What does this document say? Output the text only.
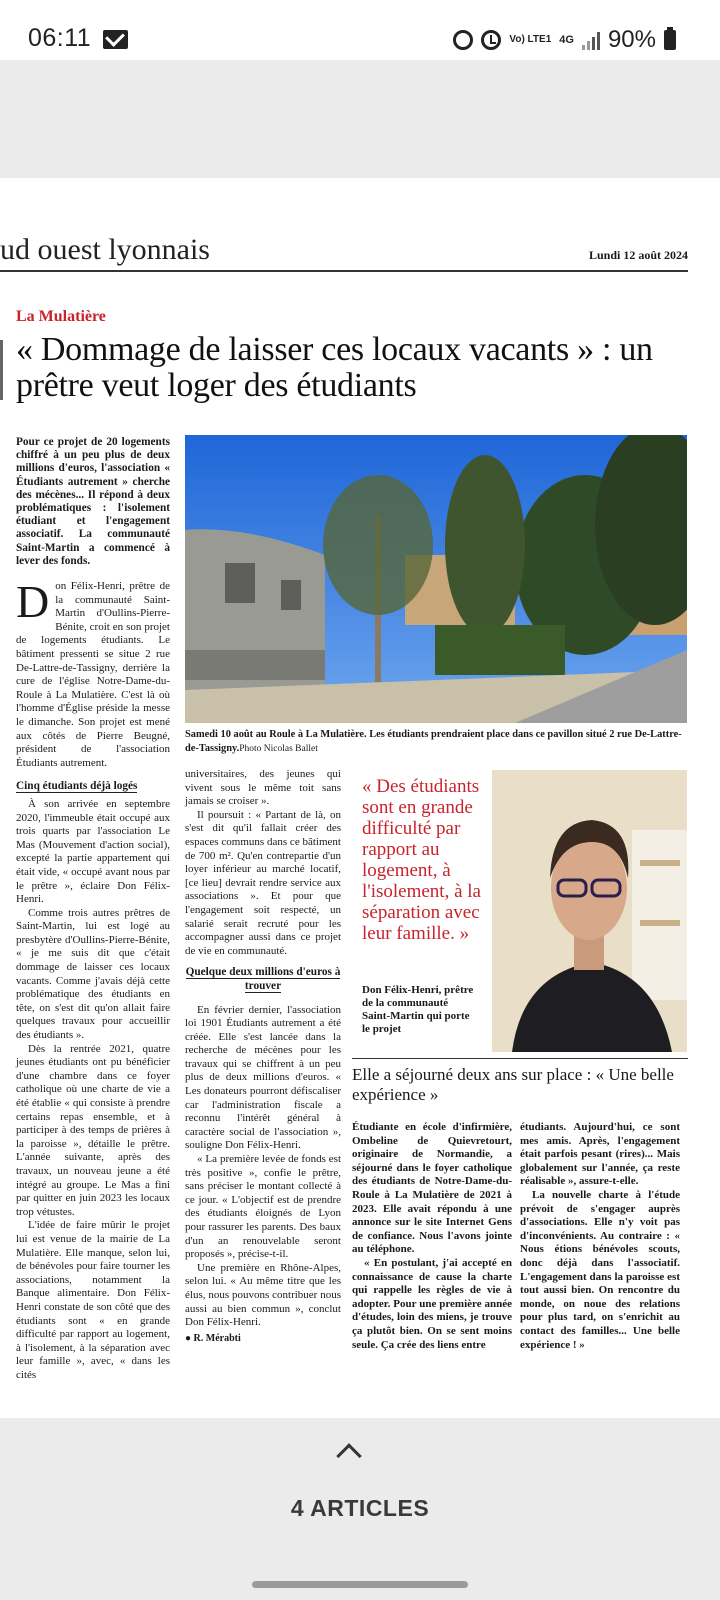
06:11	Vo) LTE1 4G 90%
ud ouest lyonnais	Lundi 12 août 2024
La Mulatière
« Dommage de laisser ces locaux vacants » : un prêtre veut loger des étudiants

Pour ce projet de 20 logements chiffré à un peu plus de deux millions d'euros, l'association « Étudiants autrement » cherche des mécènes... Il répond à deux problématiques : l'isolement étudiant et l'engagement associatif. La communauté Saint-Martin a commencé à lever des fonds.

Don Félix-Henri, prêtre de la communauté Saint-Martin d'Oullins-Pierre-Bénite, croit en son projet de logements étudiants. Le bâtiment pressenti se situe 2 rue De-Lattre-de-Tassigny, derrière la cure de l'église Notre-Dame-du-Roule à La Mulatière. C'est là où l'homme d'Église préside la messe le dimanche. Son projet est mené aux côtés de Pierre Beugné, président de l'association Étudiants autrement.

Cinq étudiants déjà logés

À son arrivée en septembre 2020, l'immeuble était occupé aux trois quarts par l'association Le Mas (Mouvement d'action social), excepté la partie appartement qui était vide, « occupé avant nous par le prêtre », éclaire Don Félix-Henri.

Comme trois autres prêtres de Saint-Martin, lui est logé au presbytère d'Oullins-Pierre-Bénite, « je me suis dit que c'était dommage de laisser ces locaux vacants. Comme j'avais déjà cette problématique des étudiants en tête, on s'est dit qu'on allait faire quelques travaux pour accueillir des étudiants ».

Dès la rentrée 2021, quatre jeunes étudiants ont pu bénéficier d'une chambre dans ce foyer catholique où une charte de vie a été établie « qui consiste à prendre certains repas ensemble, et à participer à des temps de prières à la paroisse », détaille le prêtre. L'année suivante, après des travaux, un nouveau jeune a été intégré au groupe. Le Mas a fini par quitter en juin 2023 les locaux trop vétustes.

L'idée de faire mûrir le projet lui est venue de la mairie de La Mulatière. Elle manque, selon lui, de bénévoles pour faire tourner les associations, notamment la Banque alimentaire. Don Félix-Henri constate de son côté que des étudiants sont « en grande difficulté par rapport au logement, à l'isolement, à la séparation avec leur famille », avec, « dans les cités

Samedi 10 août au Roule à La Mulatière. Les étudiants prendraient place dans ce pavillon situé 2 rue De-Lattre-de-Tassigny.Photo Nicolas Ballet

universitaires, des jeunes qui vivent sous le même toit sans jamais se croiser ».

Il poursuit : « Partant de là, on s'est dit qu'il fallait créer des espaces communs dans ce bâtiment de 700 m². Qu'en contrepartie d'un loyer inférieur au marché locatif, [ce lieu] devrait rendre service aux associations ». Et pour que l'engagement soit respecté, un salarié serait recruté pour les accompagner aussi dans ce projet de vie en communauté.

Quelque deux millions d'euros à trouver

En février dernier, l'association loi 1901 Étudiants autrement a été créée. Elle s'est lancée dans la recherche de mécènes pour les travaux qui se chiffrent à un peu plus de deux millions d'euros. « Les donateurs pourront défiscaliser car l'administration fiscale a reconnu l'intérêt général à caractère social de l'association », souligne Don Félix-Henri.

« La première levée de fonds est très positive », confie le prêtre, sans préciser le montant collecté à ce jour. « L'objectif est de prendre des étudiants éloignés de Lyon pour rassurer les parents. Des baux d'un an renouvelable seront proposés », précise-t-il.

Une première en Rhône-Alpes, selon lui. « Au même titre que les élus, nous pouvons contribuer nous aussi au bien commun », conclut Don Félix-Henri.

● R. Mérabti

« Des étudiants sont en grande difficulté par rapport au logement, à l'isolement, à la séparation avec leur famille. »
Don Félix-Henri, prêtre de la communauté Saint-Martin qui porte le projet
Elle a séjourné deux ans sur place : « Une belle expérience »

Étudiante en école d'infirmière, Ombeline de Quievretourt, originaire de Normandie, a séjourné dans le foyer catholique des étudiants de Notre-Dame-du-Roule à La Mulatière de 2021 à 2023. Elle avait répondu à une annonce sur le site Internet Gens de confiance. Nous l'avons jointe au téléphone.

« En postulant, j'ai accepté en connaissance de cause la charte qui rappelle les règles de vie à adopter. Pour une première année d'études, loin des miens, je trouve ça plutôt bien. On se sent moins seule. Ça crée des liens entre

étudiants. Aujourd'hui, ce sont mes amis. Après, l'engagement était parfois pesant (rires)... Mais globalement sur l'année, ça reste réalisable », assure-t-elle.

La nouvelle charte à l'étude prévoit de s'engager auprès d'associations. Elle n'y voit pas d'inconvénients. Au contraire : « Nous étions bénévoles scouts, donc déjà dans l'associatif. L'engagement dans la paroisse est tout aussi bien. On rencontre du monde, on noue des relations pour plus tard, on s'enrichit au contact des familles... Une belle expérience ! »

4 ARTICLES
